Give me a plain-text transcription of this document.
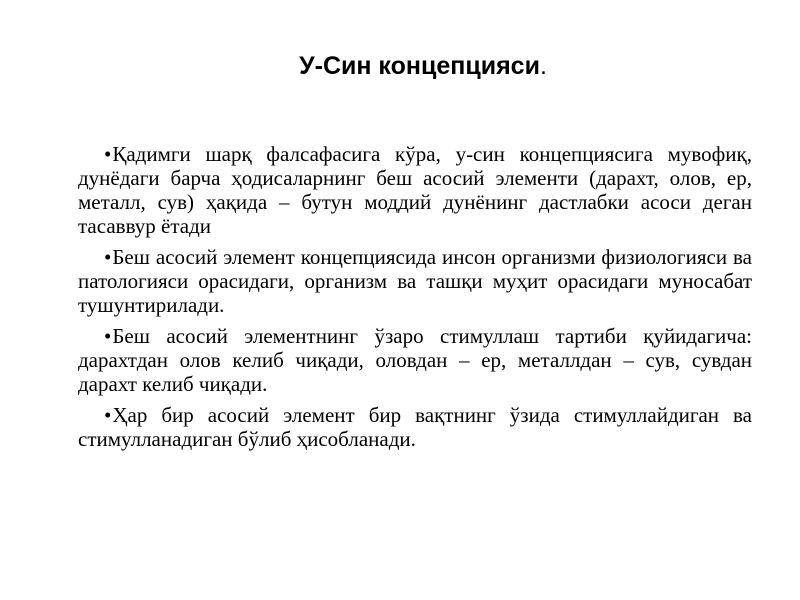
У-Син концепцияси.
•Қадимги шарқ фалсафасига кўра, у-син концепциясига мувофиқ, дунёдаги барча ҳодисаларнинг беш асосий элементи (дарахт, олов, ер, металл, сув) ҳақида – бутун моддий дунёнинг дастлабки асоси деган тасаввур ётади
•Беш асосий элемент концепциясида инсон организми физиологияси ва патологияси орасидаги, организм ва ташқи муҳит орасидаги муносабат тушунтирилади.
•Беш асосий элементнинг ўзаро стимуллаш тартиби қуйидагича: дарахтдан олов келиб чиқади, оловдан – ер, металлдан – сув, сувдан дарахт келиб чиқади.
•Ҳар бир асосий элемент бир вақтнинг ўзида стимуллайдиган ва стимулланадиган бўлиб ҳисобланади.
